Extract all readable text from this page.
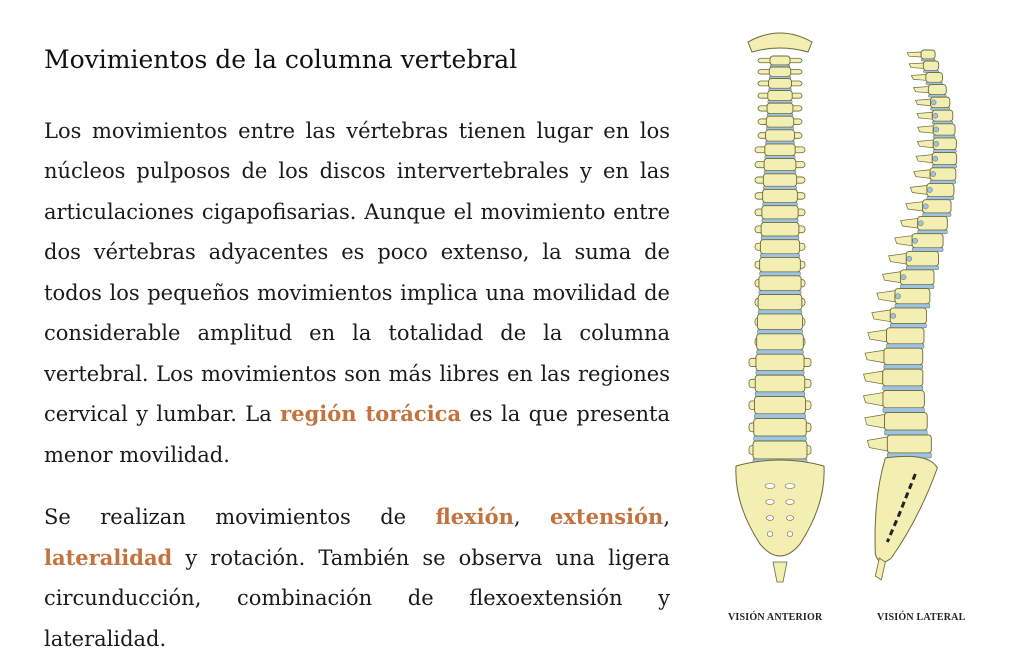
Movimientos de la columna vertebral

Los movimientos entre las vértebras tienen lugar en los núcleos pulposos de los discos intervertebrales y en las articulaciones cigapofisarias. Aunque el movimiento entre dos vértebras adyacentes es poco extenso, la suma de todos los pequeños movimientos implica una movilidad de considerable amplitud en la totalidad de la columna vertebral. Los movimientos son más libres en las regiones cervical y lumbar. La región torácica es la que presenta menor movilidad.

Se realizan movimientos de flexión, extensión, lateralidad y rotación. También se observa una ligera circunducción, combinación de flexoextensión y lateralidad.

VISIÓN ANTERIOR	VISIÓN LATERAL
